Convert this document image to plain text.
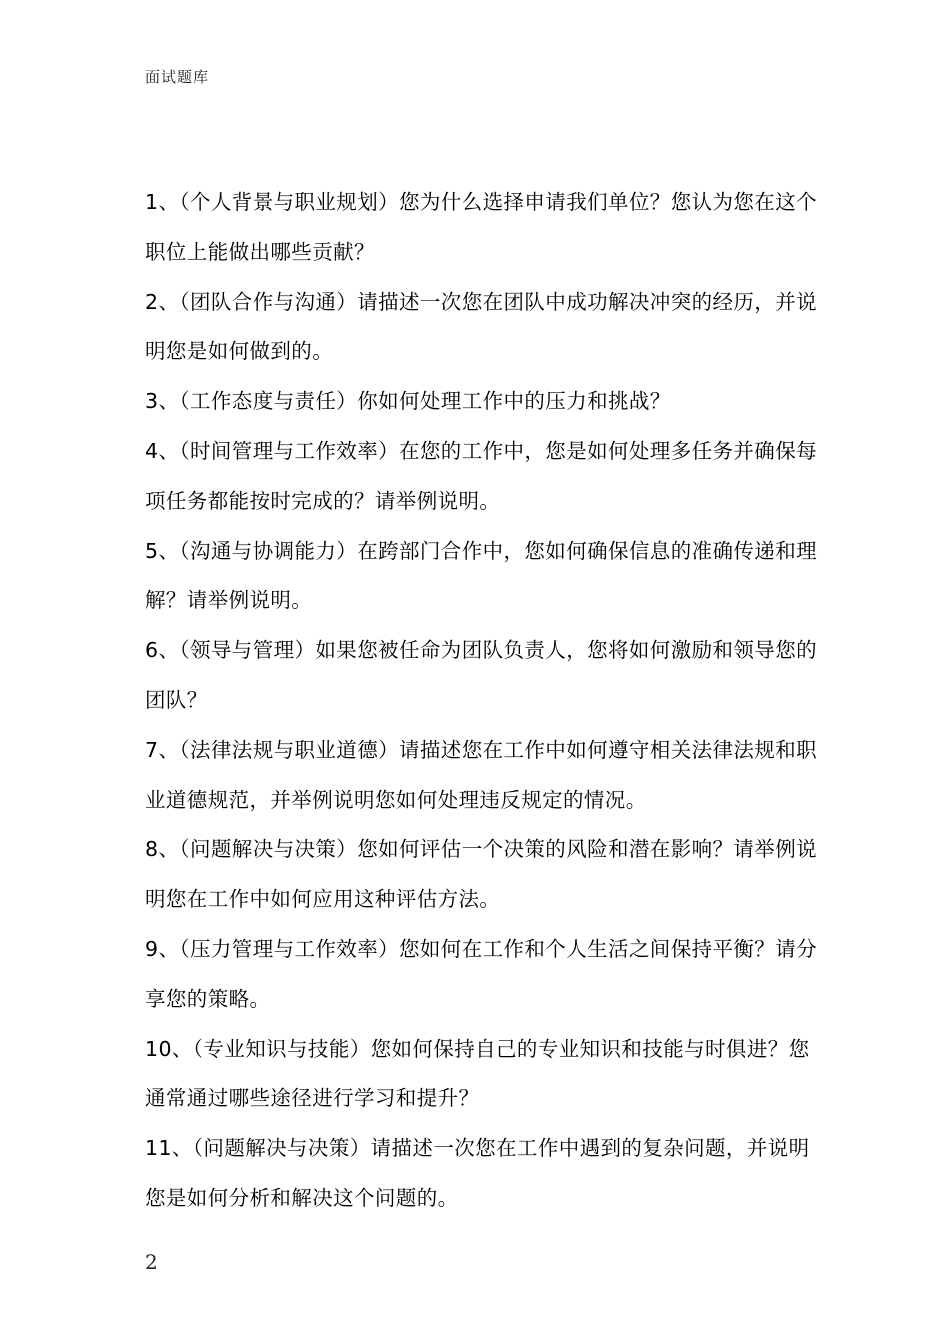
面试题库
1、（个人背景与职业规划）您为什么选择申请我们单位？您认为您在这个职位上能做出哪些贡献？
2、（团队合作与沟通）请描述一次您在团队中成功解决冲突的经历，并说明您是如何做到的。
3、（工作态度与责任）你如何处理工作中的压力和挑战？
4、（时间管理与工作效率）在您的工作中，您是如何处理多任务并确保每项任务都能按时完成的？请举例说明。
5、（沟通与协调能力）在跨部门合作中，您如何确保信息的准确传递和理解？请举例说明。
6、（领导与管理）如果您被任命为团队负责人，您将如何激励和领导您的团队？
7、（法律法规与职业道德）请描述您在工作中如何遵守相关法律法规和职业道德规范，并举例说明您如何处理违反规定的情况。
8、（问题解决与决策）您如何评估一个决策的风险和潜在影响？请举例说明您在工作中如何应用这种评估方法。
9、（压力管理与工作效率）您如何在工作和个人生活之间保持平衡？请分享您的策略。
10、（专业知识与技能）您如何保持自己的专业知识和技能与时俱进？您通常通过哪些途径进行学习和提升？
11、（问题解决与决策）请描述一次您在工作中遇到的复杂问题，并说明您是如何分析和解决这个问题的。
2
